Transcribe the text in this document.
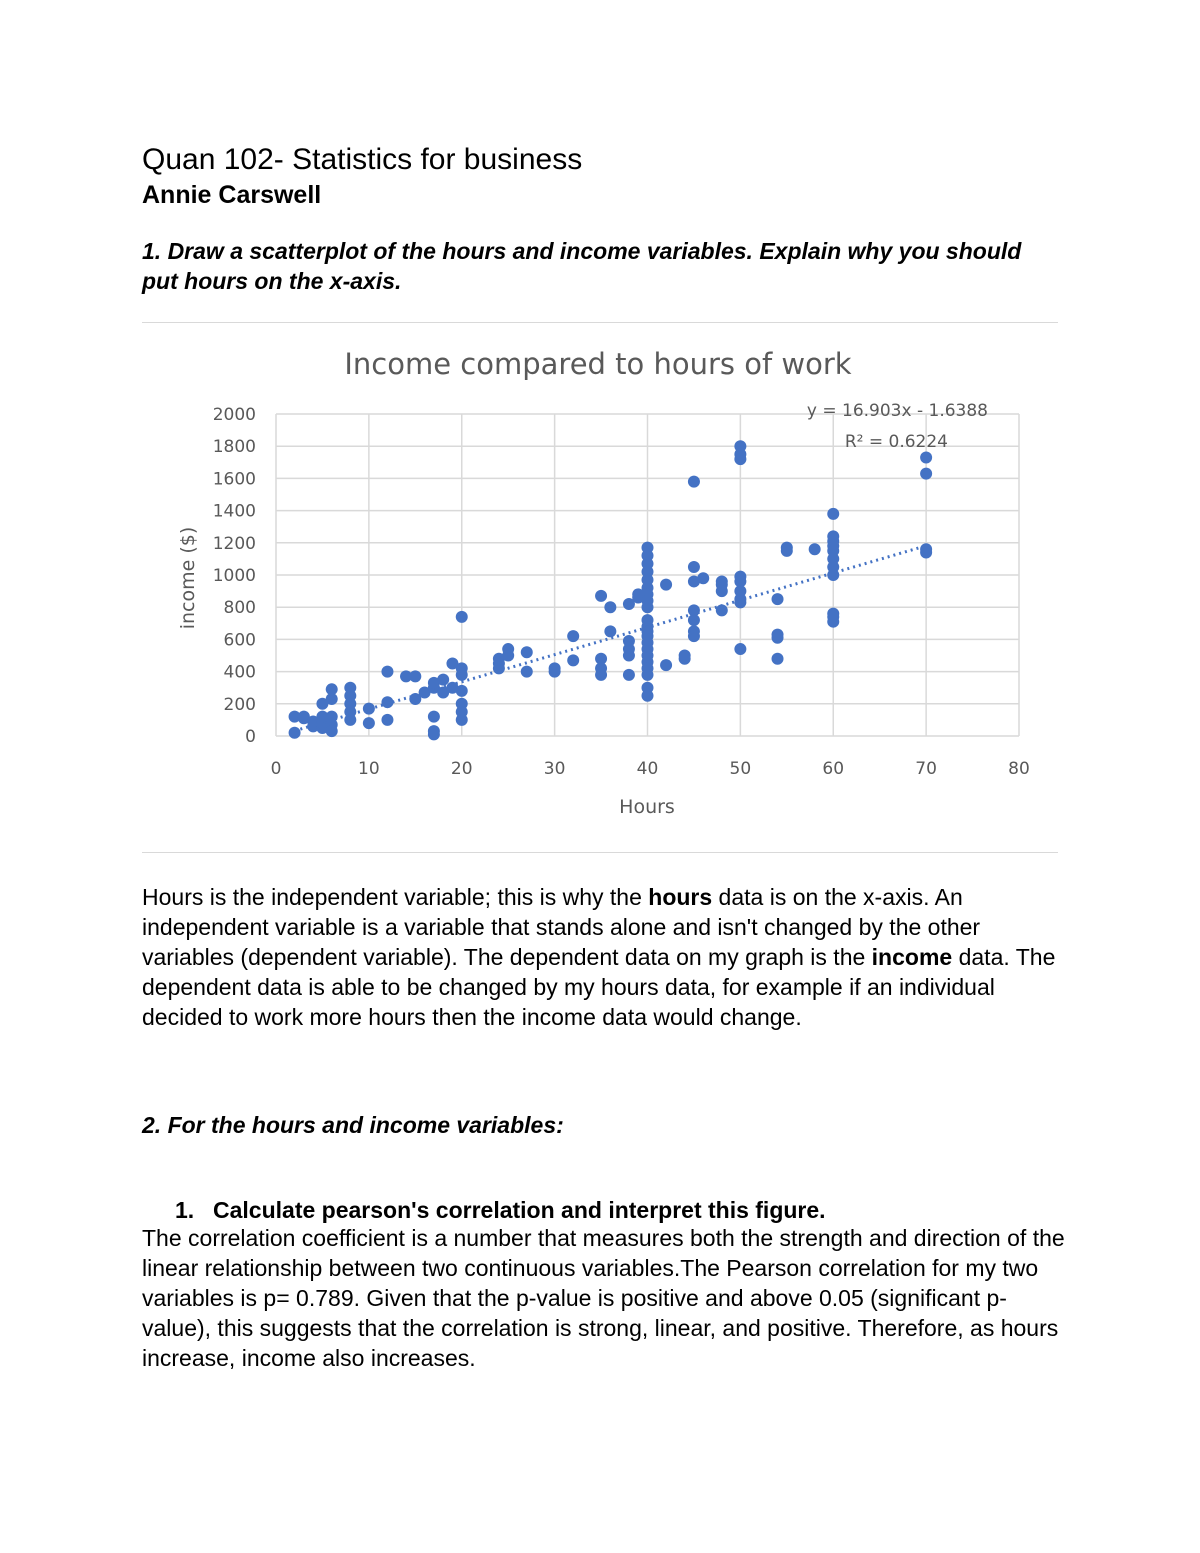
Quan 102- Statistics for business
Annie Carswell

1. Draw a scatterplot of the hours and income variables. Explain why you should put hours on the x-axis.

Income compared to hours of work
0
200
400
600
800
1000
1200
1400
1600
1800
2000
0	10	20	30	40	50	60	70	80
income ($)
Hours
y = 16.903x - 1.6388
R² = 0.6224

Hours is the independent variable; this is why the hours data is on the x-axis. An independent variable is a variable that stands alone and isn't changed by the other variables (dependent variable). The dependent data on my graph is the income data. The dependent data is able to be changed by my hours data, for example if an individual decided to work more hours then the income data would change.

2. For the hours and income variables:

1. Calculate pearson's correlation and interpret this figure.

The correlation coefficient is a number that measures both the strength and direction of the linear relationship between two continuous variables.The Pearson correlation for my two variables is p= 0.789. Given that the p-value is positive and above 0.05 (significant p-value), this suggests that the correlation is strong, linear, and positive. Therefore, as hours increase, income also increases.
